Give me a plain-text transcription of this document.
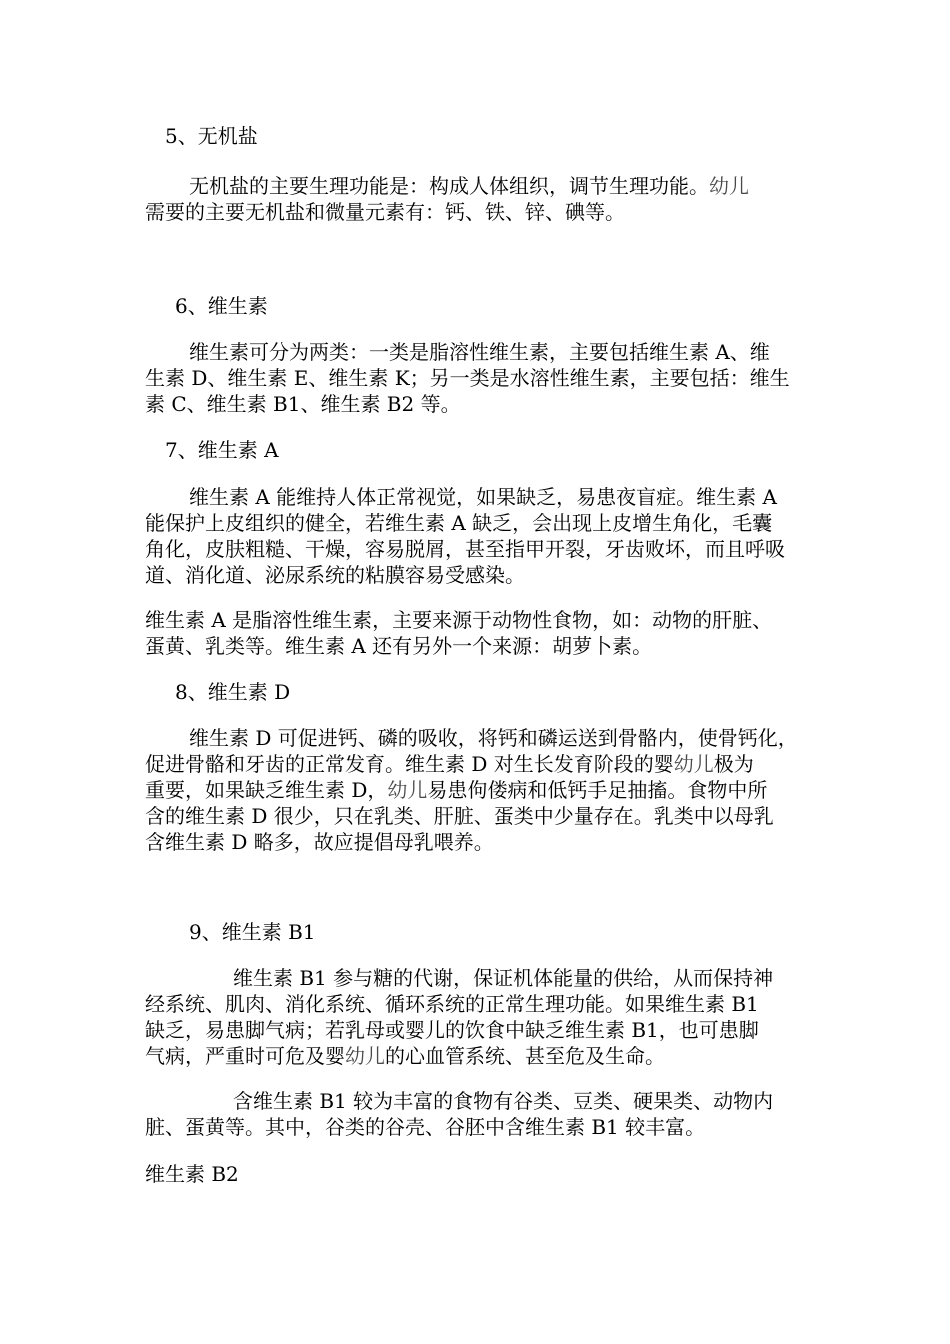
5、无机盐

无机盐的主要生理功能是：构成人体组织，调节生理功能。幼儿

需要的主要无机盐和微量元素有：钙、铁、锌、碘等。

6、维生素

维生素可分为两类：一类是脂溶性维生素，主要包括维生素 A、维

生素 D、维生素 E、维生素 K；另一类是水溶性维生素，主要包括：维生

素 C、维生素 B1、维生素 B2 等。

7、维生素 A

维生素 A 能维持人体正常视觉，如果缺乏，易患夜盲症。维生素 A

能保护上皮组织的健全，若维生素 A 缺乏，会出现上皮增生角化，毛囊

角化，皮肤粗糙、干燥，容易脱屑，甚至指甲开裂，牙齿败坏，而且呼吸

道、消化道、泌尿系统的粘膜容易受感染。

维生素 A 是脂溶性维生素，主要来源于动物性食物，如：动物的肝脏、

蛋黄、乳类等。维生素 A 还有另外一个来源：胡萝卜素。

8、维生素 D

维生素 D 可促进钙、磷的吸收，将钙和磷运送到骨骼内，使骨钙化，

促进骨骼和牙齿的正常发育。维生素 D 对生长发育阶段的婴幼儿极为

重要，如果缺乏维生素 D，幼儿易患佝偻病和低钙手足抽搐。食物中所

含的维生素 D 很少，只在乳类、肝脏、蛋类中少量存在。乳类中以母乳

含维生素 D 略多，故应提倡母乳喂养。

9、维生素 B1

维生素 B1 参与糖的代谢，保证机体能量的供给，从而保持神

经系统、肌肉、消化系统、循环系统的正常生理功能。如果维生素 B1

缺乏，易患脚气病；若乳母或婴儿的饮食中缺乏维生素 B1，也可患脚

气病，严重时可危及婴幼儿的心血管系统、甚至危及生命。

含维生素 B1 较为丰富的食物有谷类、豆类、硬果类、动物内

脏、蛋黄等。其中，谷类的谷壳、谷胚中含维生素 B1 较丰富。

维生素 B2
